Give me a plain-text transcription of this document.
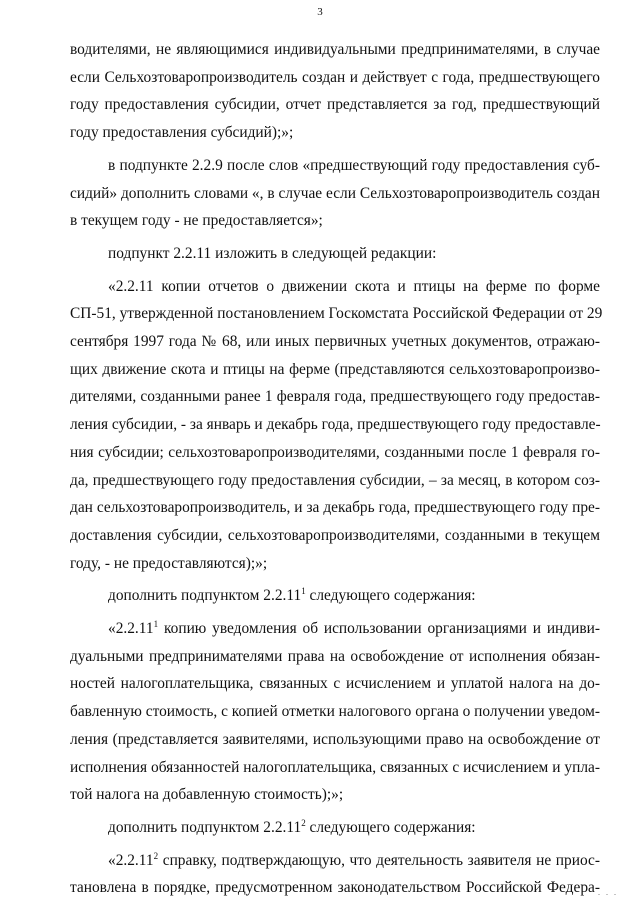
3
водителями, не являющимися индивидуальными предпринимателями, в случае
если Сельхозтоваропроизводитель создан и действует с года, предшествующего
году предоставления субсидии, отчет представляется за год, предшествующий
году предоставления субсидий);»;
в подпункте 2.2.9 после слов «предшествующий году предоставления суб-
сидий» дополнить словами «, в случае если Сельхозтоваропроизводитель создан
в текущем году - не предоставляется»;
подпункт 2.2.11 изложить в следующей редакции:
«2.2.11 копии отчетов о движении скота и птицы на ферме по форме
СП-51, утвержденной постановлением Госкомстата Российской Федерации от 29
сентября 1997 года № 68, или иных первичных учетных документов, отражаю-
щих движение скота и птицы на ферме (представляются сельхозтоваропроизво-
дителями, созданными ранее 1 февраля года, предшествующего году предостав-
ления субсидии, - за январь и декабрь года, предшествующего году предоставле-
ния субсидии; сельхозтоваропроизводителями, созданными после 1 февраля го-
да, предшествующего году предоставления субсидии, – за месяц, в котором соз-
дан сельхозтоваропроизводитель, и за декабрь года, предшествующего году пре-
доставления субсидии, сельхозтоваропроизводителями, созданными в текущем
году, - не предоставляются);»;
дополнить подпунктом 2.2.11$^1$ следующего содержания:
«2.2.11$^1$ копию уведомления об использовании организациями и индиви-
дуальными предпринимателями права на освобождение от исполнения обязан-
ностей налогоплательщика, связанных с исчислением и уплатой налога на до-
бавленную стоимость, с копией отметки налогового органа о получении уведом-
ления (представляется заявителями, использующими право на освобождение от
исполнения обязанностей налогоплательщика, связанных с исчислением и упла-
той налога на добавленную стоимость);»;
дополнить подпунктом 2.2.11$^2$ следующего содержания:
«2.2.11$^2$ справку, подтверждающую, что деятельность заявителя не приос-
тановлена в порядке, предусмотренном законодательством Российской Федера-
. . .
